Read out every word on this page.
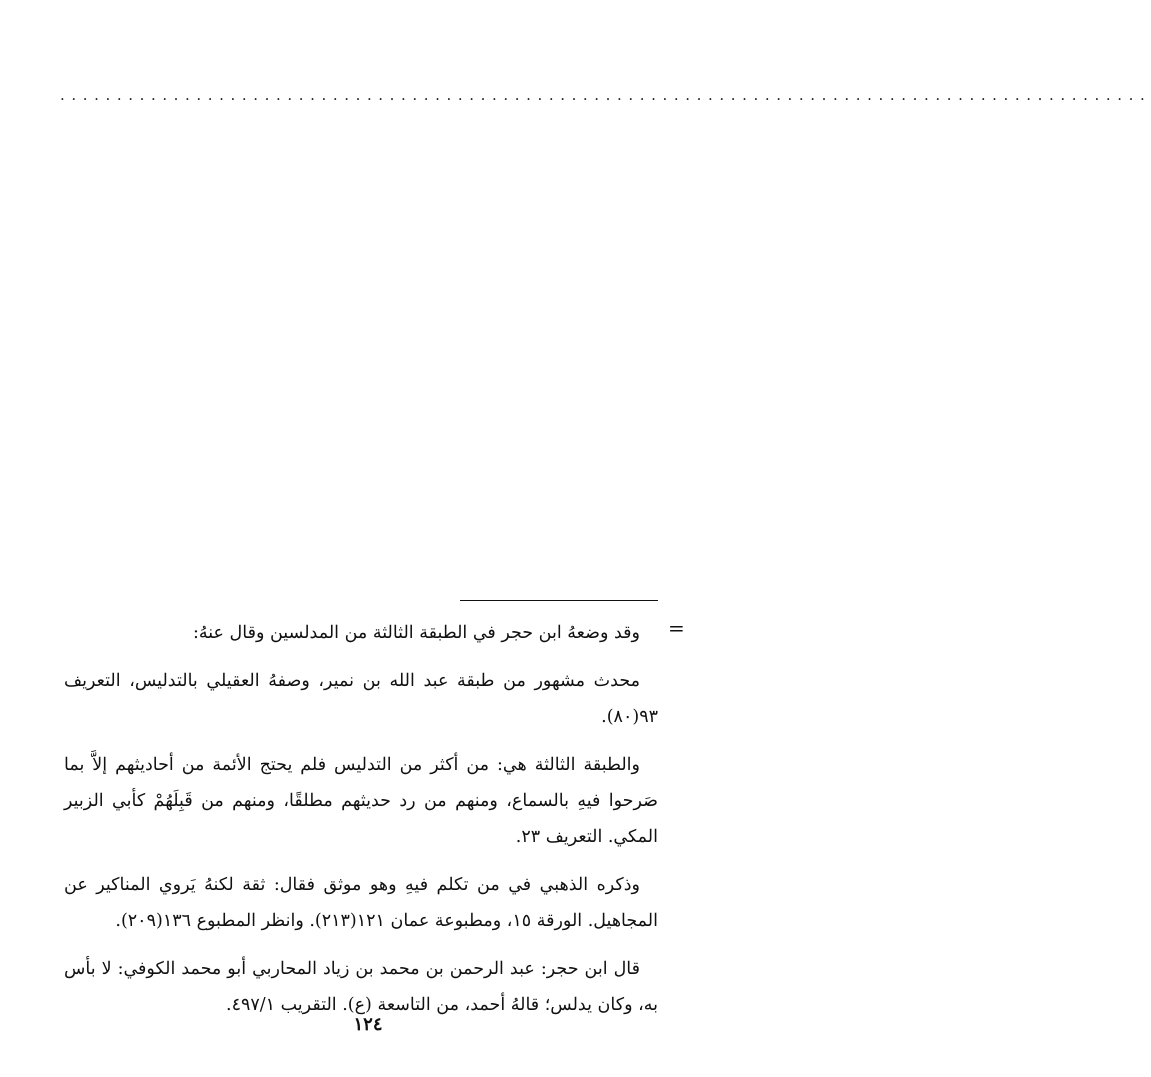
................................................................................................
=

وقد وضعهُ ابن حجر في الطبقة الثالثة من المدلسين وقال عنهُ:

محدث مشهور من طبقة عبد الله بن نمير، وصفهُ العقيلي بالتدليس، التعريف ٩٣(٨٠).

والطبقة الثالثة هي: من أكثر من التدليس فلم يحتج الأئمة من أحاديثهم إلاَّ بما صَرحوا فيهِ بالسماع، ومنهم من رد حديثهم مطلقًا، ومنهم من قَبِلَهُمْ كأبي الزبير المكي. التعريف ٢٣.

وذكره الذهبي في من تكلم فيهِ وهو موثق فقال: ثقة لكنهُ يَروي المناكير عن المجاهيل. الورقة ١٥، ومطبوعة عمان ١٢١(٢١٣). وانظر المطبوع ١٣٦(٢٠٩).

قال ابن حجر: عبد الرحمن بن محمد بن زياد المحاربي أبو محمد الكوفي: لا بأس به، وكان يدلس؛ قالهُ أحمد، من التاسعة (ع). التقريب ٤٩٧/١.

١٢٤
